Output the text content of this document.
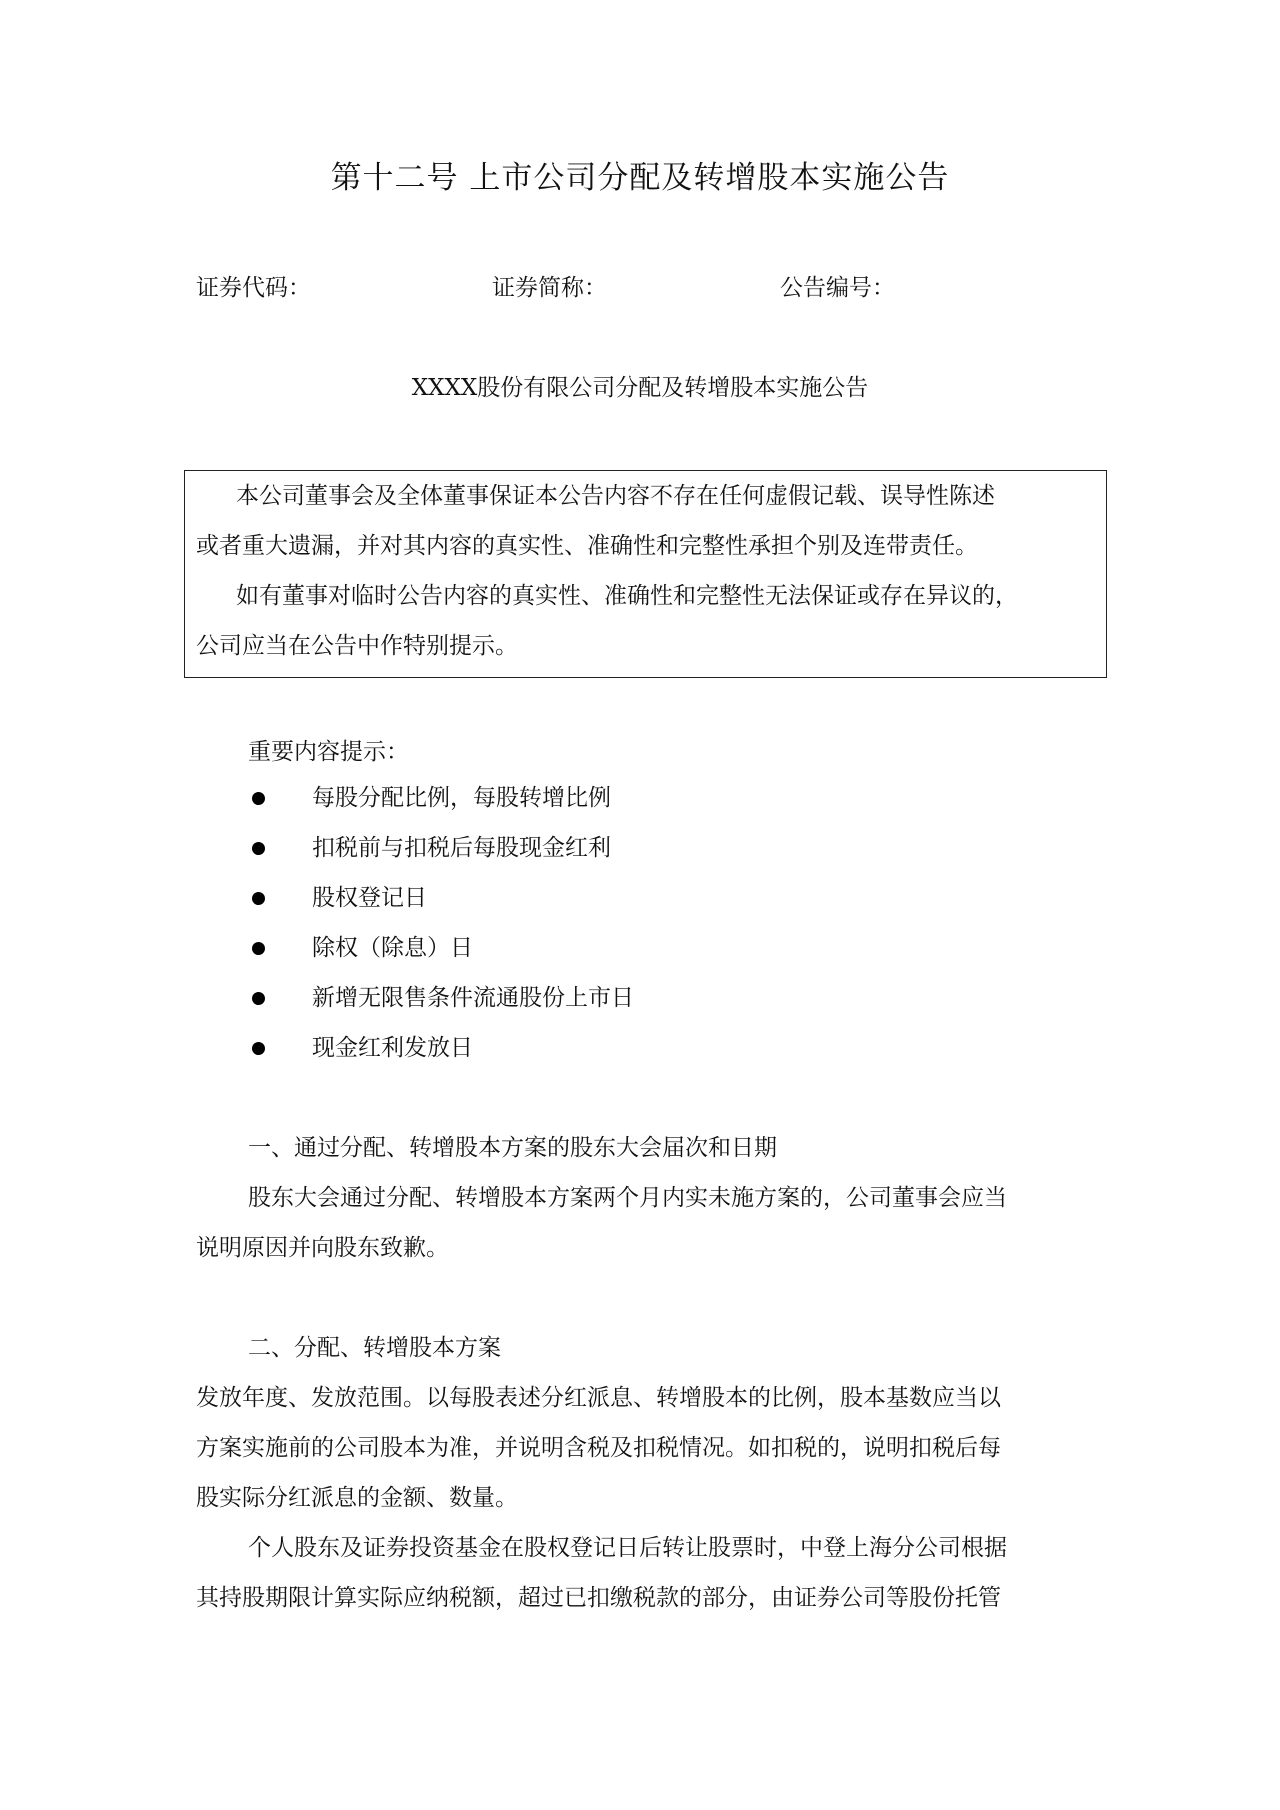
第十二号 上市公司分配及转增股本实施公告
证券代码：	证券简称：	公告编号：
XXXX股份有限公司分配及转增股本实施公告
本公司董事会及全体董事保证本公告内容不存在任何虚假记载、误导性陈述
或者重大遗漏，并对其内容的真实性、准确性和完整性承担个别及连带责任。
如有董事对临时公告内容的真实性、准确性和完整性无法保证或存在异议的，
公司应当在公告中作特别提示。
重要内容提示：
每股分配比例，每股转增比例
扣税前与扣税后每股现金红利
股权登记日
除权（除息）日
新增无限售条件流通股份上市日
现金红利发放日
一、通过分配、转增股本方案的股东大会届次和日期
股东大会通过分配、转增股本方案两个月内实未施方案的，公司董事会应当
说明原因并向股东致歉。
二、分配、转增股本方案
发放年度、发放范围。以每股表述分红派息、转增股本的比例，股本基数应当以
方案实施前的公司股本为准，并说明含税及扣税情况。如扣税的，说明扣税后每
股实际分红派息的金额、数量。
个人股东及证券投资基金在股权登记日后转让股票时，中登上海分公司根据
其持股期限计算实际应纳税额，超过已扣缴税款的部分，由证券公司等股份托管
